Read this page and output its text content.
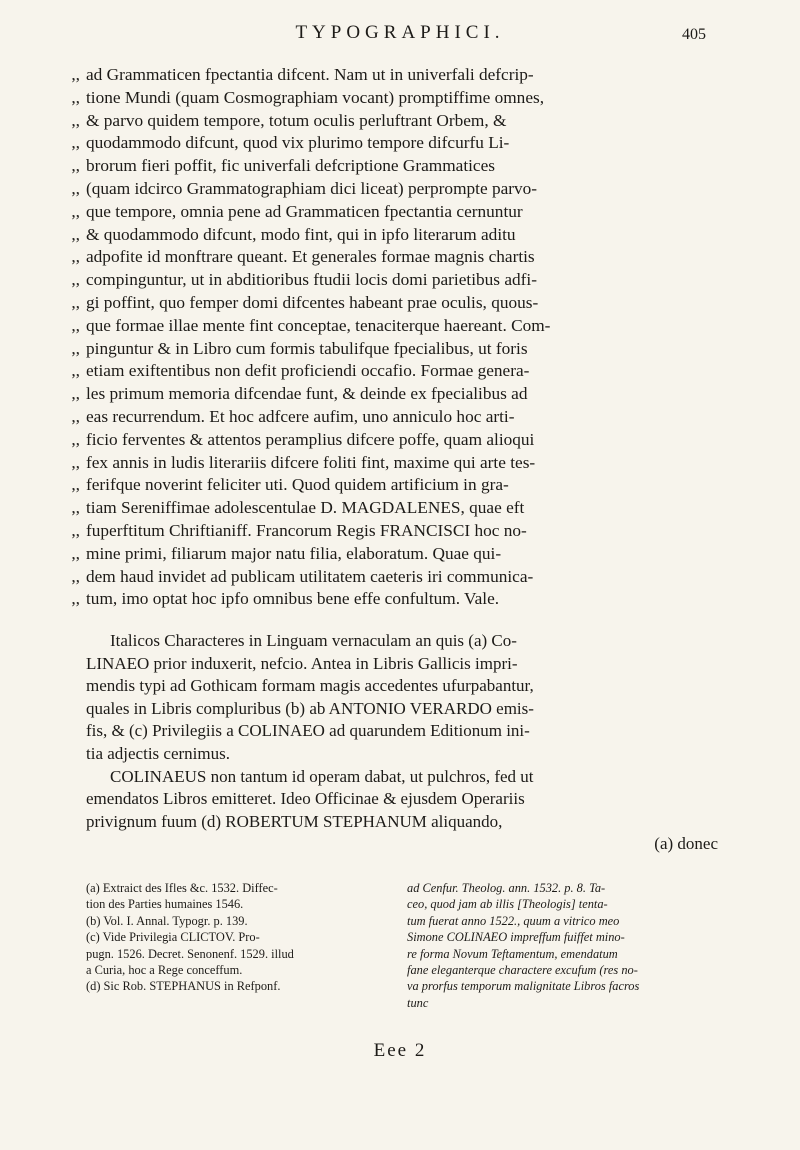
TYPOGRAPHICI.	405
,, ad Grammaticen fpectantia difcent. Nam ut in univerfali defcrip-
,, tione Mundi (quam Cosmographiam vocant) promptiffime omnes,
,, & parvo quidem tempore, totum oculis perluftrant Orbem, &
,, quodammodo difcunt, quod vix plurimo tempore difcurfu Li-
,, brorum fieri poffit, fic univerfali defcriptione Grammatices
,, (quam idcirco Grammatographiam dici liceat) perprompte parvo-
,, que tempore, omnia pene ad Grammaticen fpectantia cernuntur
,, & quodammodo difcunt, modo fint, qui in ipfo literarum aditu
,, adpofite id monftrare queant. Et generales formae magnis chartis
,, compinguntur, ut in abditioribus ftudii locis domi parietibus adfi-
,, gi poffint, quo femper domi difcentes habeant prae oculis, quous-
,, que formae illae mente fint conceptae, tenaciterque haereant. Com-
,, pinguntur & in Libro cum formis tabulifque fpecialibus, ut foris
,, etiam exiftentibus non defit proficiendi occafio. Formae genera-
,, les primum memoria difcendae funt, & deinde ex fpecialibus ad
,, eas recurrendum. Et hoc adfcere aufim, uno anniculo hoc arti-
,, ficio ferventes & attentos peramplius difcere poffe, quam alioqui
,, fex annis in ludis literariis difcere foliti fint, maxime qui arte tes-
,, ferifque noverint feliciter uti. Quod quidem artificium in gra-
,, tiam Sereniffimae adolescentulae D. MAGDALENES, quae eft
,, fuperftitum Chriftianiff. Francorum Regis FRANCISCI hoc no-
,, mine primi, filiarum major natu filia, elaboratum. Quae qui-
,, dem haud invidet ad publicam utilitatem caeteris iri communica-
,, tum, imo optat hoc ipfo omnibus bene effe confultum. Vale.
Italicos Characteres in Linguam vernaculam an quis (a) Co-
LINAEO prior induxerit, nefcio. Antea in Libris Gallicis impri-
mendis typi ad Gothicam formam magis accedentes ufurpabantur,
quales in Libris compluribus (b) ab ANTONIO VERARDO emis-
fis, & (c) Privilegiis a COLINAEO ad quarundem Editionum ini-
tia adjectis cernimus.
COLINAEUS non tantum id operam dabat, ut pulchros, fed ut
emendatos Libros emitteret. Ideo Officinae & ejusdem Operariis
privignum fuum (d) ROBERTUM STEPHANUM aliquando,
(a) donec
(a) Extraict des Ifles &c. 1532. Diffec-
tion des Parties humaines 1546.
(b) Vol. I. Annal. Typogr. p. 139.
(c) Vide Privilegia CLICTOV. Pro-
pugn. 1526. Decret. Senonenf. 1529. illud
a Curia, hoc a Rege conceffum.
(d) Sic Rob. STEPHANUS in Refponf.
ad Cenfur. Theolog. ann. 1532. p. 8. Ta-
ceo, quod jam ab illis [Theologis] tenta-
tum fuerat anno 1522., quum a vitrico meo
Simone COLINAEO impreffum fuiffet mino-
re forma Novum Teftamentum, emendatum
fane eleganterque charactere excufum (res no-
va prorfus temporum malignitate Libros facros
tunc
Eee 2
